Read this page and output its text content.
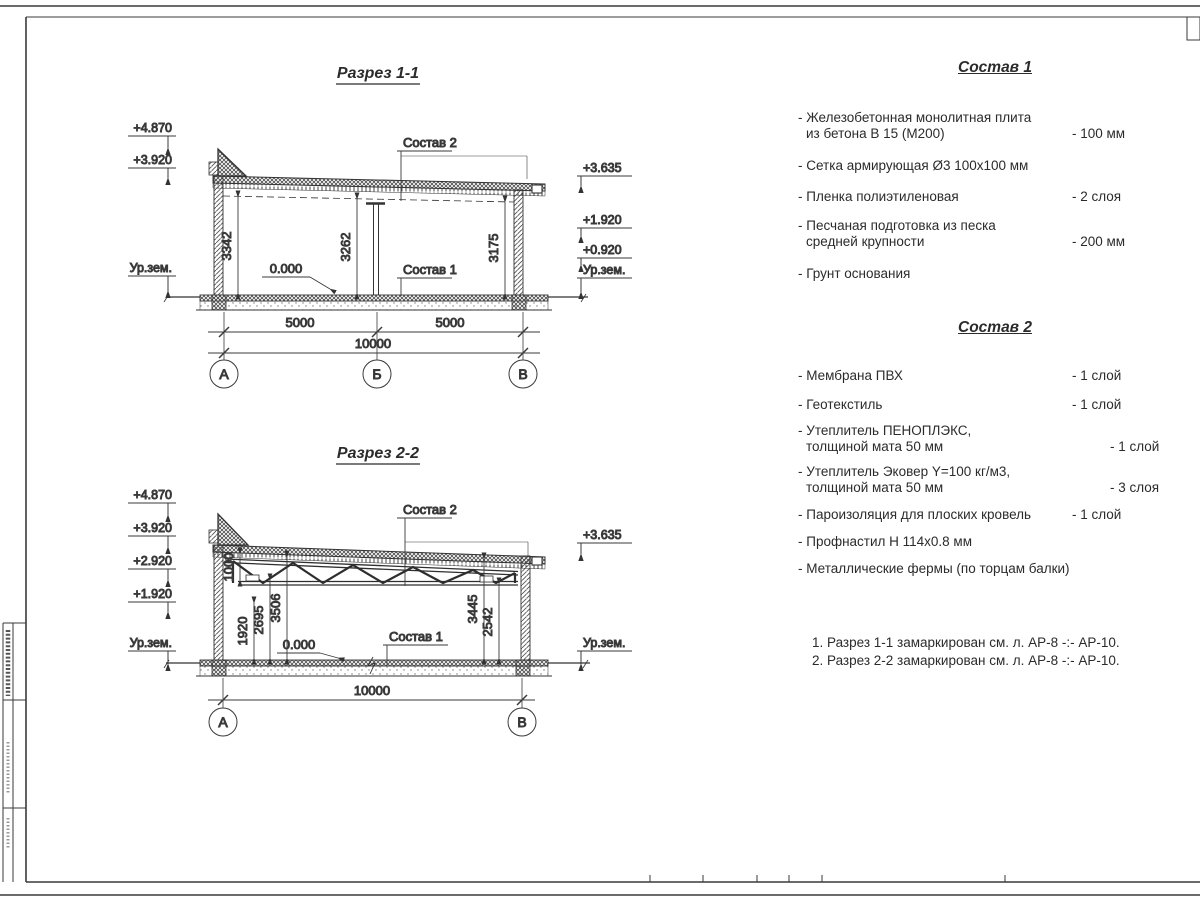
Разрез 1-1
Состав 2
Состав 1
0.000
3342	3262	3175
+4.870
+3.920
Ур.зем.
+3.635
+1.920
+0.920
Ур.зем.
5000	5000
10000
А	Б	В
Разрез 2-2
Состав 2
Состав 1
0.000
1000
1920 2695 3506	3445 2542
+4.870
+3.920
+2.920
+1.920
Ур.зем.
+3.635
Ур.зем.
10000
А	В
Состав 1
- Железобетонная монолитная плита
из бетона В 15 (М200)	- 100 мм
- Сетка армирующая Ø3 100х100 мм
- Пленка полиэтиленовая	- 2 слоя
- Песчаная подготовка из песка
средней крупности	- 200 мм
- Грунт основания
Состав 2
- Мембрана ПВХ	- 1 слой
- Геотекстиль	- 1 слой
- Утеплитель ПЕНОПЛЭКС,
толщиной мата 50 мм	- 1 слой
- Утеплитель Эковер Y=100 кг/м3,
толщиной мата 50 мм	- 3 слоя
- Пароизоляция для плоских кровель	- 1 слой
- Профнастил Н 114х0.8 мм
- Металлические фермы (по торцам балки)
1. Разрез 1-1 замаркирован см. л. АР-8 -:- АР-10.
2. Разрез 2-2 замаркирован см. л. АР-8 -:- АР-10.
